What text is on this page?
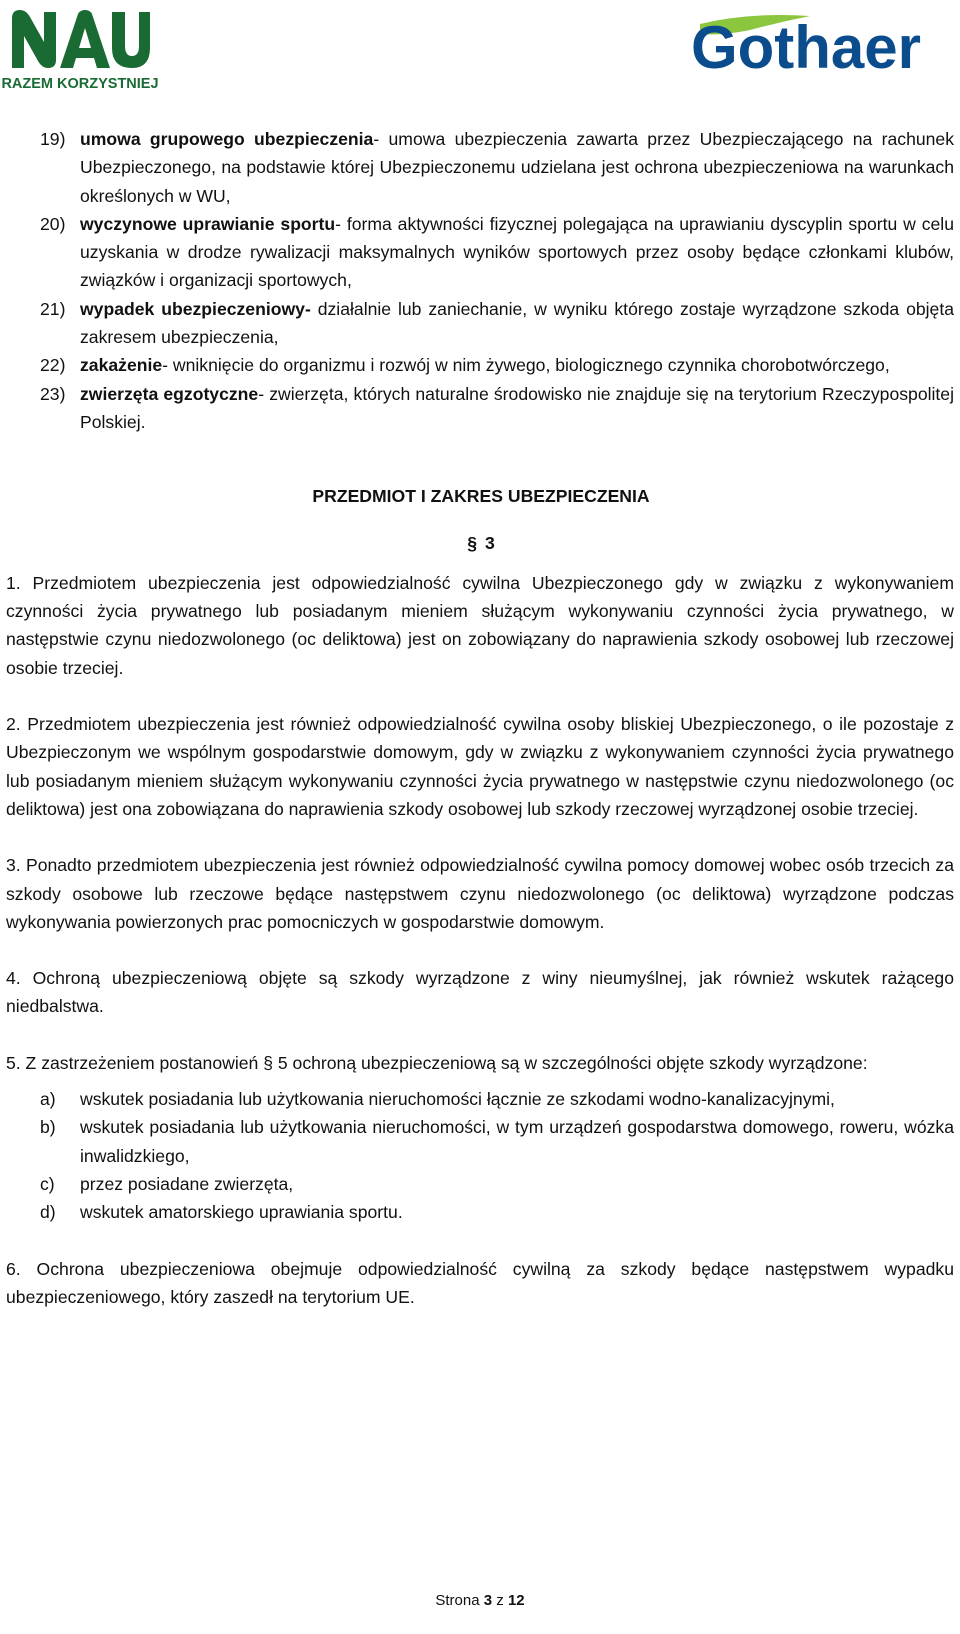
RAZEM KORZYSTNIEJ
Gothaer
19) umowa grupowego ubezpieczenia- umowa ubezpieczenia zawarta przez Ubezpieczającego na rachunek Ubezpieczonego, na podstawie której Ubezpieczonemu udzielana jest ochrona ubezpieczeniowa na warunkach określonych w WU,
20) wyczynowe uprawianie sportu- forma aktywności fizycznej polegająca na uprawianiu dyscyplin sportu w celu uzyskania w drodze rywalizacji maksymalnych wyników sportowych przez osoby będące członkami klubów, związków i organizacji sportowych,
21) wypadek ubezpieczeniowy- działalnie lub zaniechanie, w wyniku którego zostaje wyrządzone szkoda objęta zakresem ubezpieczenia,
22) zakażenie- wniknięcie do organizmu i rozwój w nim żywego, biologicznego czynnika chorobotwórczego,
23) zwierzęta egzotyczne- zwierzęta, których naturalne środowisko nie znajduje się na terytorium Rzeczypospolitej Polskiej.
PRZEDMIOT I ZAKRES UBEZPIECZENIA
§ 3

1. Przedmiotem ubezpieczenia jest odpowiedzialność cywilna Ubezpieczonego gdy w związku z wykonywaniem czynności życia prywatnego lub posiadanym mieniem służącym wykonywaniu czynności życia prywatnego, w następstwie czynu niedozwolonego (oc deliktowa) jest on zobowiązany do naprawienia szkody osobowej lub rzeczowej osobie trzeciej.

2. Przedmiotem ubezpieczenia jest również odpowiedzialność cywilna osoby bliskiej Ubezpieczonego, o ile pozostaje z Ubezpieczonym we wspólnym gospodarstwie domowym, gdy w związku z wykonywaniem czynności życia prywatnego lub posiadanym mieniem służącym wykonywaniu czynności życia prywatnego w następstwie czynu niedozwolonego (oc deliktowa) jest ona zobowiązana do naprawienia szkody osobowej lub szkody rzeczowej wyrządzonej osobie trzeciej.

3. Ponadto przedmiotem ubezpieczenia jest również odpowiedzialność cywilna pomocy domowej wobec osób trzecich za szkody osobowe lub rzeczowe będące następstwem czynu niedozwolonego (oc deliktowa) wyrządzone podczas wykonywania powierzonych prac pomocniczych w gospodarstwie domowym.

4. Ochroną ubezpieczeniową objęte są szkody wyrządzone z winy nieumyślnej, jak również wskutek rażącego niedbalstwa.

5. Z zastrzeżeniem postanowień § 5 ochroną ubezpieczeniową są w szczególności objęte szkody wyrządzone:

a) wskutek posiadania lub użytkowania nieruchomości łącznie ze szkodami wodno-kanalizacyjnymi,
b) wskutek posiadania lub użytkowania nieruchomości, w tym urządzeń gospodarstwa domowego, roweru, wózka inwalidzkiego,
c) przez posiadane zwierzęta,
d) wskutek amatorskiego uprawiania sportu.

6. Ochrona ubezpieczeniowa obejmuje odpowiedzialność cywilną za szkody będące następstwem wypadku ubezpieczeniowego, który zaszedł na terytorium UE.

Strona 3 z 12
